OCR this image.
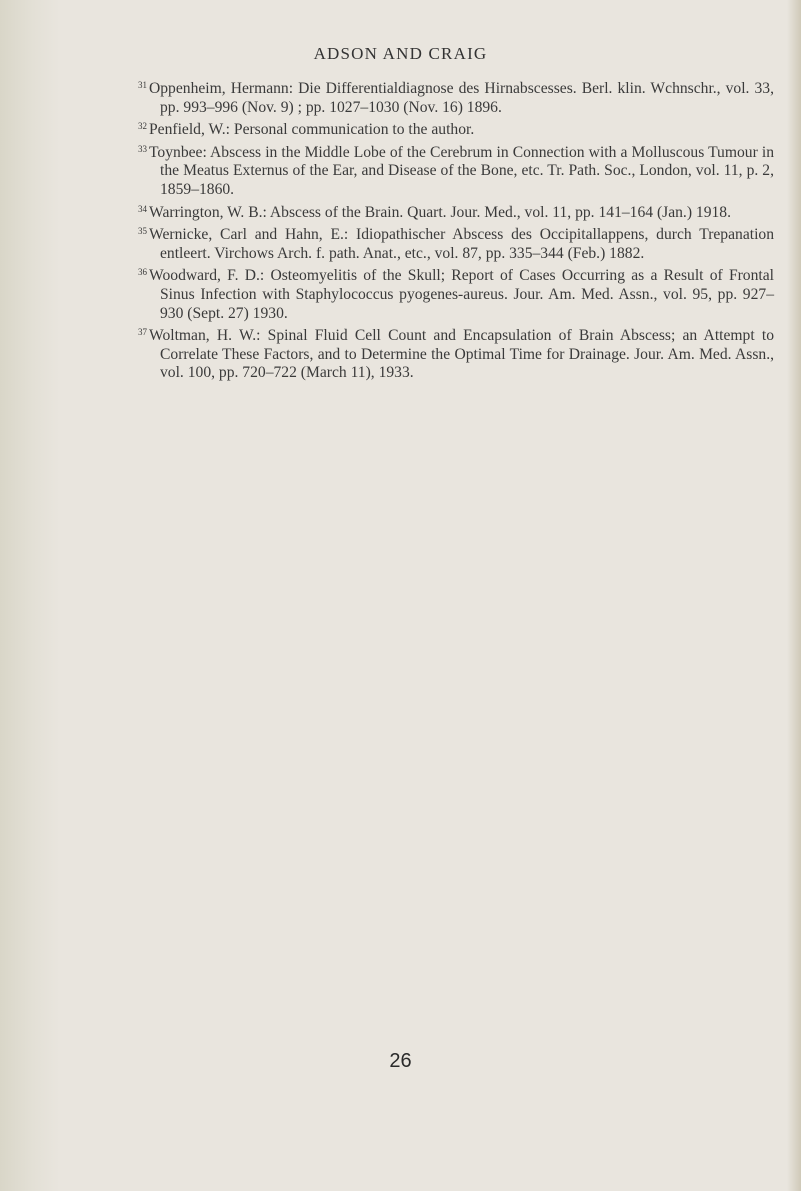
ADSON AND CRAIG

$^{31}$ Oppenheim, Hermann: Die Differentialdiagnose des Hirnabscesses. Berl. klin. Wchnschr., vol. 33, pp. 993–996 (Nov. 9) ; pp. 1027–1030 (Nov. 16) 1896.

$^{32}$ Penfield, W.: Personal communication to the author.

$^{33}$ Toynbee: Abscess in the Middle Lobe of the Cerebrum in Connection with a Molluscous Tumour in the Meatus Externus of the Ear, and Disease of the Bone, etc. Tr. Path. Soc., London, vol. 11, p. 2, 1859–1860.

$^{34}$ Warrington, W. B.: Abscess of the Brain. Quart. Jour. Med., vol. 11, pp. 141–164 (Jan.) 1918.

$^{35}$ Wernicke, Carl and Hahn, E.: Idiopathischer Abscess des Occipitallappens, durch Trepanation entleert. Virchows Arch. f. path. Anat., etc., vol. 87, pp. 335–344 (Feb.) 1882.

$^{36}$ Woodward, F. D.: Osteomyelitis of the Skull; Report of Cases Occurring as a Result of Frontal Sinus Infection with Staphylococcus pyogenes-aureus. Jour. Am. Med. Assn., vol. 95, pp. 927–930 (Sept. 27) 1930.

$^{37}$ Woltman, H. W.: Spinal Fluid Cell Count and Encapsulation of Brain Abscess; an Attempt to Correlate These Factors, and to Determine the Optimal Time for Drainage. Jour. Am. Med. Assn., vol. 100, pp. 720–722 (March 11), 1933.

26
